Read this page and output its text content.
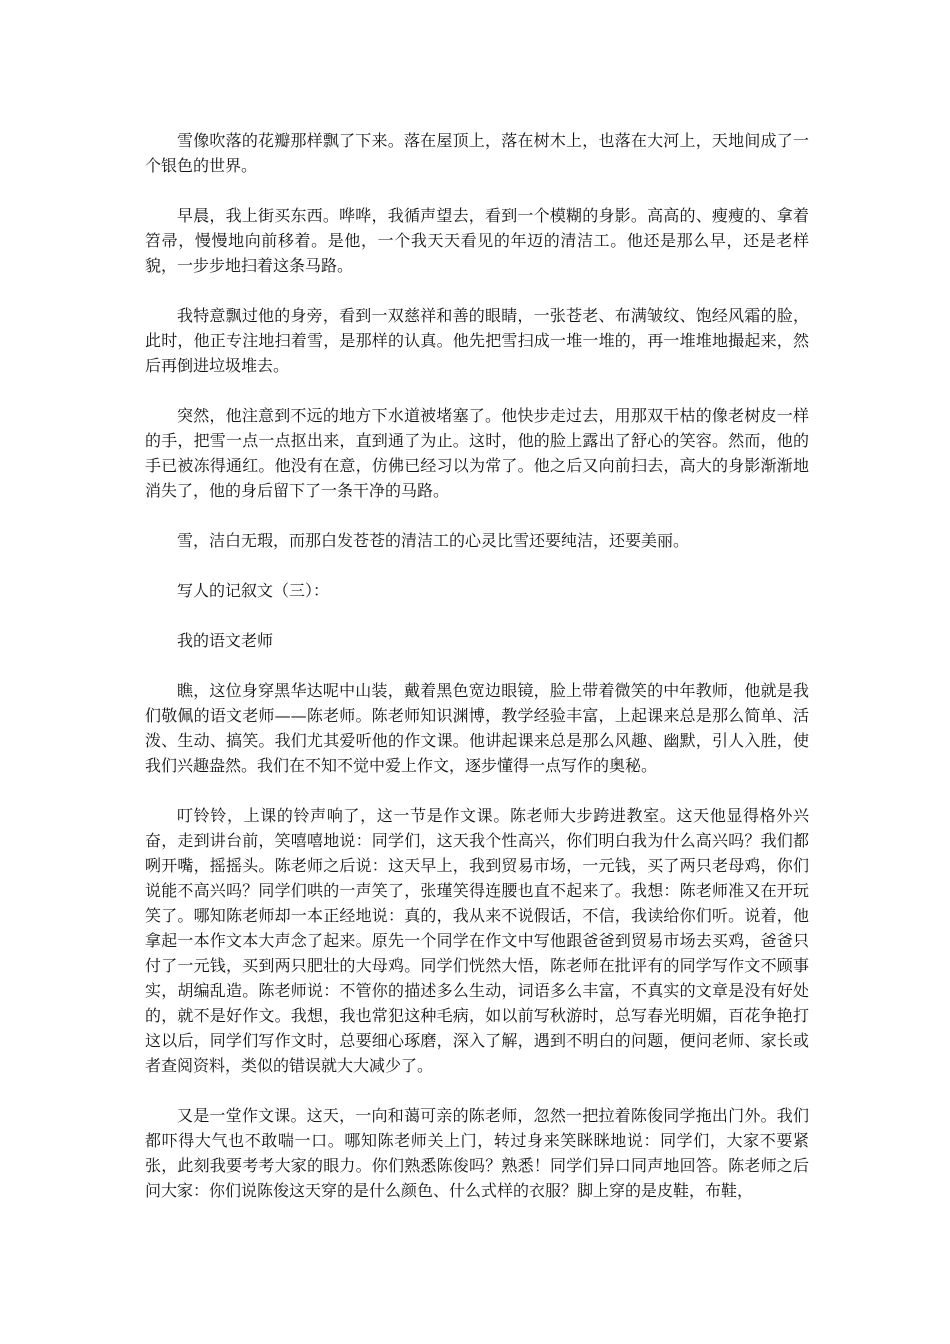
雪像吹落的花瓣那样飘了下来。落在屋顶上，落在树木上，也落在大河上，天地间成了一个银色的世界。

早晨，我上街买东西。哗哗，我循声望去，看到一个模糊的身影。高高的、瘦瘦的、拿着笤帚，慢慢地向前移着。是他，一个我天天看见的年迈的清洁工。他还是那么早，还是老样貌，一步步地扫着这条马路。

我特意飘过他的身旁，看到一双慈祥和善的眼睛，一张苍老、布满皱纹、饱经风霜的脸，此时，他正专注地扫着雪，是那样的认真。他先把雪扫成一堆一堆的，再一堆堆地撮起来，然后再倒进垃圾堆去。

突然，他注意到不远的地方下水道被堵塞了。他快步走过去，用那双干枯的像老树皮一样的手，把雪一点一点抠出来，直到通了为止。这时，他的脸上露出了舒心的笑容。然而，他的手已被冻得通红。他没有在意，仿佛已经习以为常了。他之后又向前扫去，高大的身影渐渐地消失了，他的身后留下了一条干净的马路。

雪，洁白无瑕，而那白发苍苍的清洁工的心灵比雪还要纯洁，还要美丽。

写人的记叙文（三）：

我的语文老师

瞧，这位身穿黑华达呢中山装，戴着黑色宽边眼镜，脸上带着微笑的中年教师，他就是我们敬佩的语文老师——陈老师。陈老师知识渊博，教学经验丰富，上起课来总是那么简单、活泼、生动、搞笑。我们尤其爱听他的作文课。他讲起课来总是那么风趣、幽默，引人入胜，使我们兴趣盎然。我们在不知不觉中爱上作文，逐步懂得一点写作的奥秘。

叮铃铃，上课的铃声响了，这一节是作文课。陈老师大步跨进教室。这天他显得格外兴奋，走到讲台前，笑嘻嘻地说：同学们，这天我个性高兴，你们明白我为什么高兴吗？我们都咧开嘴，摇摇头。陈老师之后说：这天早上，我到贸易市场，一元钱，买了两只老母鸡，你们说能不高兴吗？同学们哄的一声笑了，张瑾笑得连腰也直不起来了。我想：陈老师准又在开玩笑了。哪知陈老师却一本正经地说：真的，我从来不说假话，不信，我读给你们听。说着，他拿起一本作文本大声念了起来。原先一个同学在作文中写他跟爸爸到贸易市场去买鸡，爸爸只付了一元钱，买到两只肥壮的大母鸡。同学们恍然大悟，陈老师在批评有的同学写作文不顾事实，胡编乱造。陈老师说：不管你的描述多么生动，词语多么丰富，不真实的文章是没有好处的，就不是好作文。我想，我也常犯这种毛病，如以前写秋游时，总写春光明媚，百花争艳打这以后，同学们写作文时，总要细心琢磨，深入了解，遇到不明白的问题，便问老师、家长或者查阅资料，类似的错误就大大减少了。

又是一堂作文课。这天，一向和蔼可亲的陈老师，忽然一把拉着陈俊同学拖出门外。我们都吓得大气也不敢喘一口。哪知陈老师关上门，转过身来笑眯眯地说：同学们，大家不要紧张，此刻我要考考大家的眼力。你们熟悉陈俊吗？熟悉！同学们异口同声地回答。陈老师之后问大家：你们说陈俊这天穿的是什么颜色、什么式样的衣服？脚上穿的是皮鞋，布鞋，
